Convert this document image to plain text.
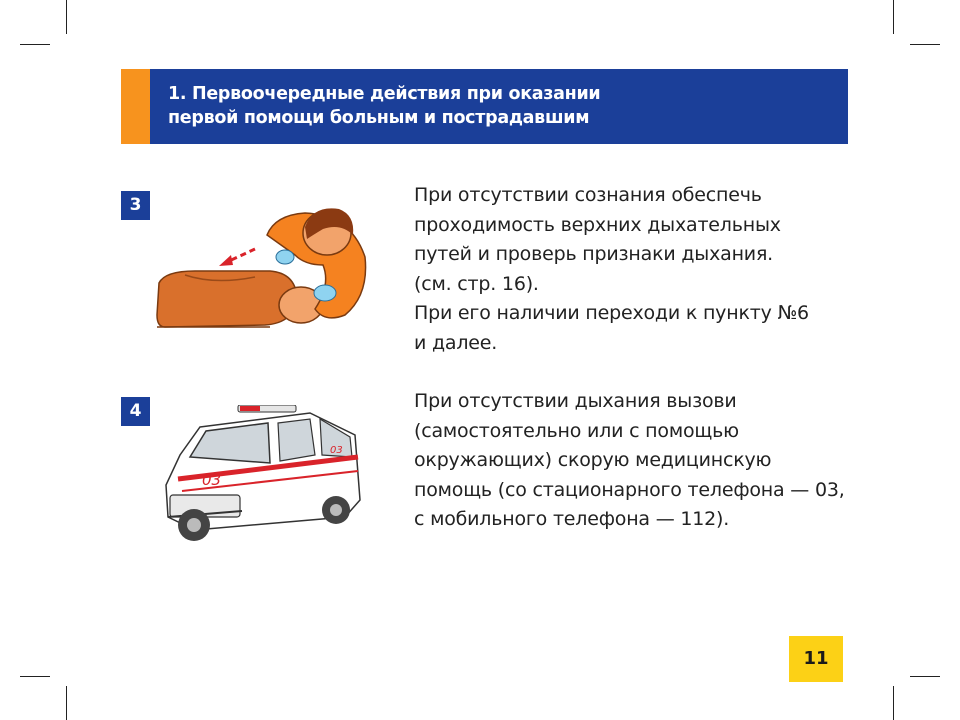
1. Первоочередные действия при оказании
первой помощи больным и пострадавшим
3	При отсутствии сознания обеспечь
проходимость верхних дыхательных
путей и проверь признаки дыхания.
(см. стр. 16).
При его наличии переходи к пункту №6
и далее.
4
03
03
При отсутствии дыхания вызови
(самостоятельно или с помощью
окружающих) скорую медицинскую
помощь (со стационарного телефона — 03,
с мобильного телефона — 112).
11
